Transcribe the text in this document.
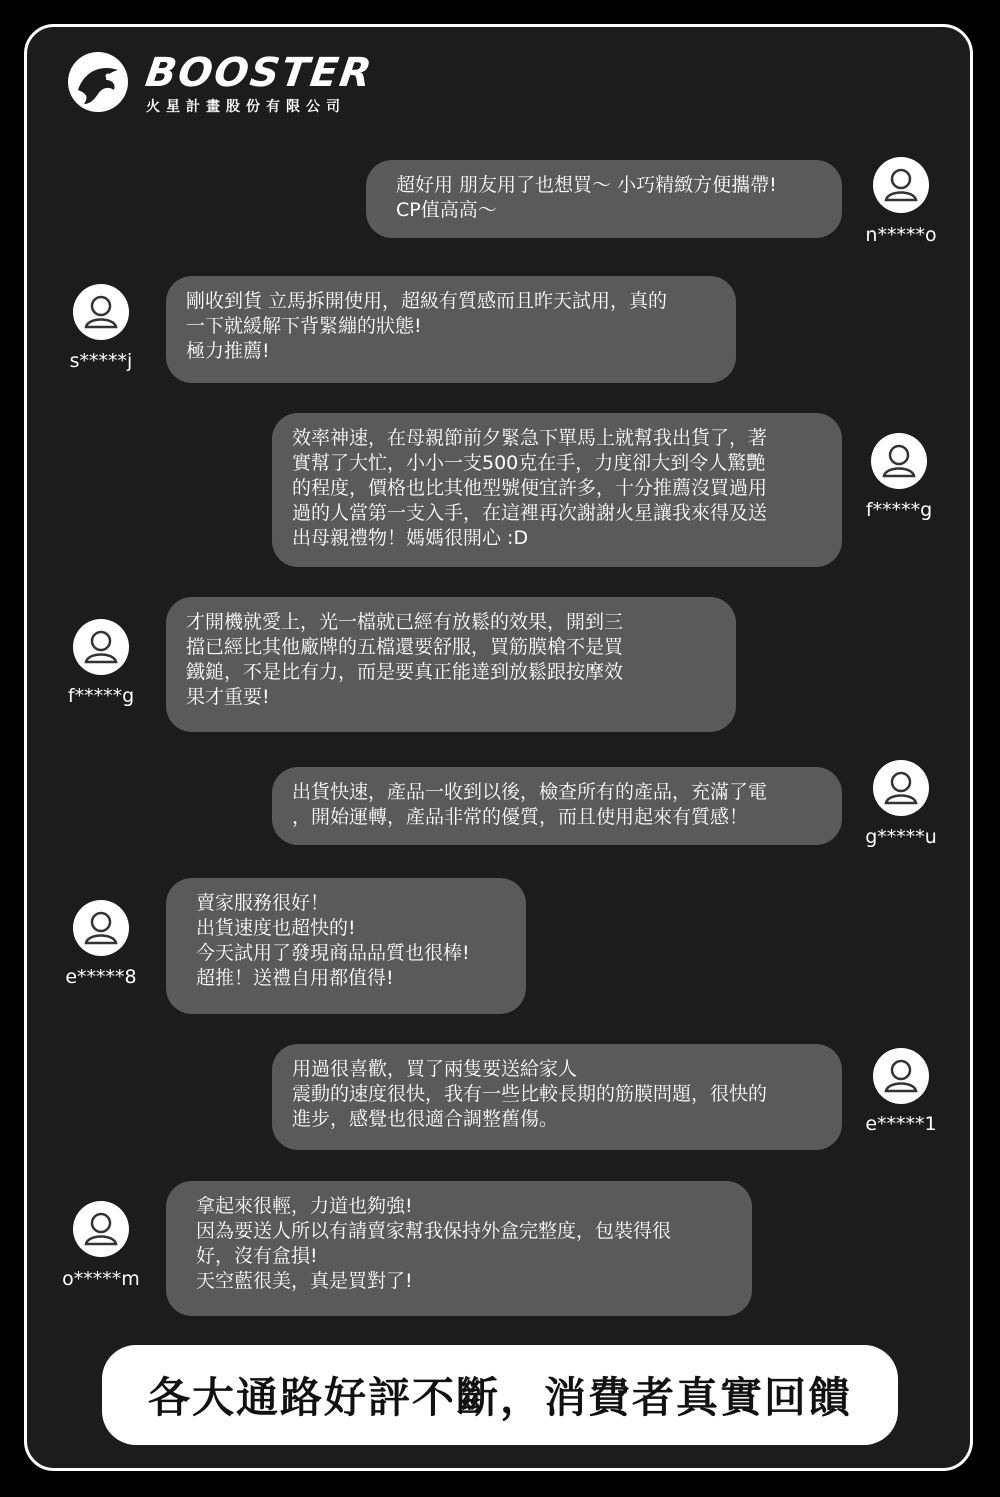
BOOSTER
火星計畫股份有限公司
超好用 朋友用了也想買～ 小巧精緻方便攜帶!
CP值高高～
n*****o
s*****j
剛收到貨 立馬拆開使用，超級有質感而且昨天試用，真的
一下就緩解下背緊繃的狀態!
極力推薦!
效率神速，在母親節前夕緊急下單馬上就幫我出貨了，著
實幫了大忙，小小一支500克在手，力度卻大到令人驚艷
的程度，價格也比其他型號便宜許多，十分推薦沒買過用
過的人當第一支入手，在這裡再次謝謝火星讓我來得及送
出母親禮物！媽媽很開心 :D
f*****g
f*****g
才開機就愛上，光一檔就已經有放鬆的效果，開到三
擋已經比其他廠牌的五檔還要舒服，買筋膜槍不是買
鐵鎚，不是比有力，而是要真正能達到放鬆跟按摩效
果才重要!
出貨快速，產品一收到以後，檢查所有的產品，充滿了電
，開始運轉，產品非常的優質，而且使用起來有質感！
g*****u
e*****8
賣家服務很好！
出貨速度也超快的!
今天試用了發現商品品質也很棒!
超推！送禮自用都值得!
用過很喜歡，買了兩隻要送給家人
震動的速度很快，我有一些比較長期的筋膜問題，很快的
進步，感覺也很適合調整舊傷。	e*****1
o*****m
拿起來很輕，力道也夠強!
因為要送人所以有請賣家幫我保持外盒完整度，包裝得很
好，沒有盒損!
天空藍很美，真是買對了!
各大通路好評不斷，消費者真實回饋
